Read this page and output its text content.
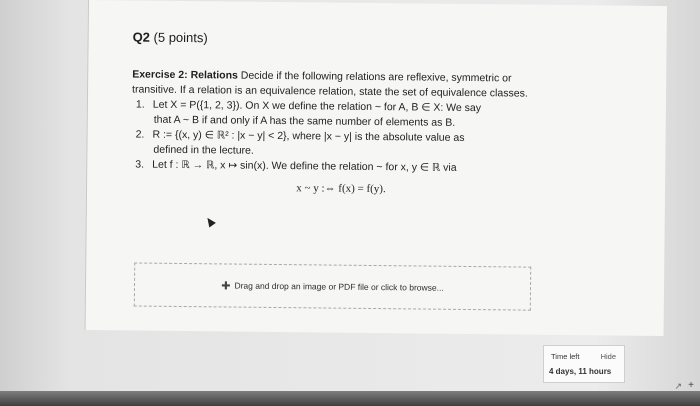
Q2 (5 points)
Exercise 2: Relations Decide if the following relations are reflexive, symmetric or transitive. If a relation is an equivalence relation, state the set of equivalence classes.
1. Let X = P({1, 2, 3}). On X we define the relation ~ for A, B ∈ X: We say
that A ~ B if and only if A has the same number of elements as B.
2. R := {(x, y) ∈ ℝ² : |x − y| < 2}, where |x − y| is the absolute value as
defined in the lecture.
3. Let f : ℝ → ℝ, x ↦ sin(x). We define the relation ~ for x, y ∈ ℝ via
x ~ y :⇔ f(x) = f(y).
✚ Drag and drop an image or PDF file or click to browse...
Time left	Hide
4 days, 11 hours
↗ +
